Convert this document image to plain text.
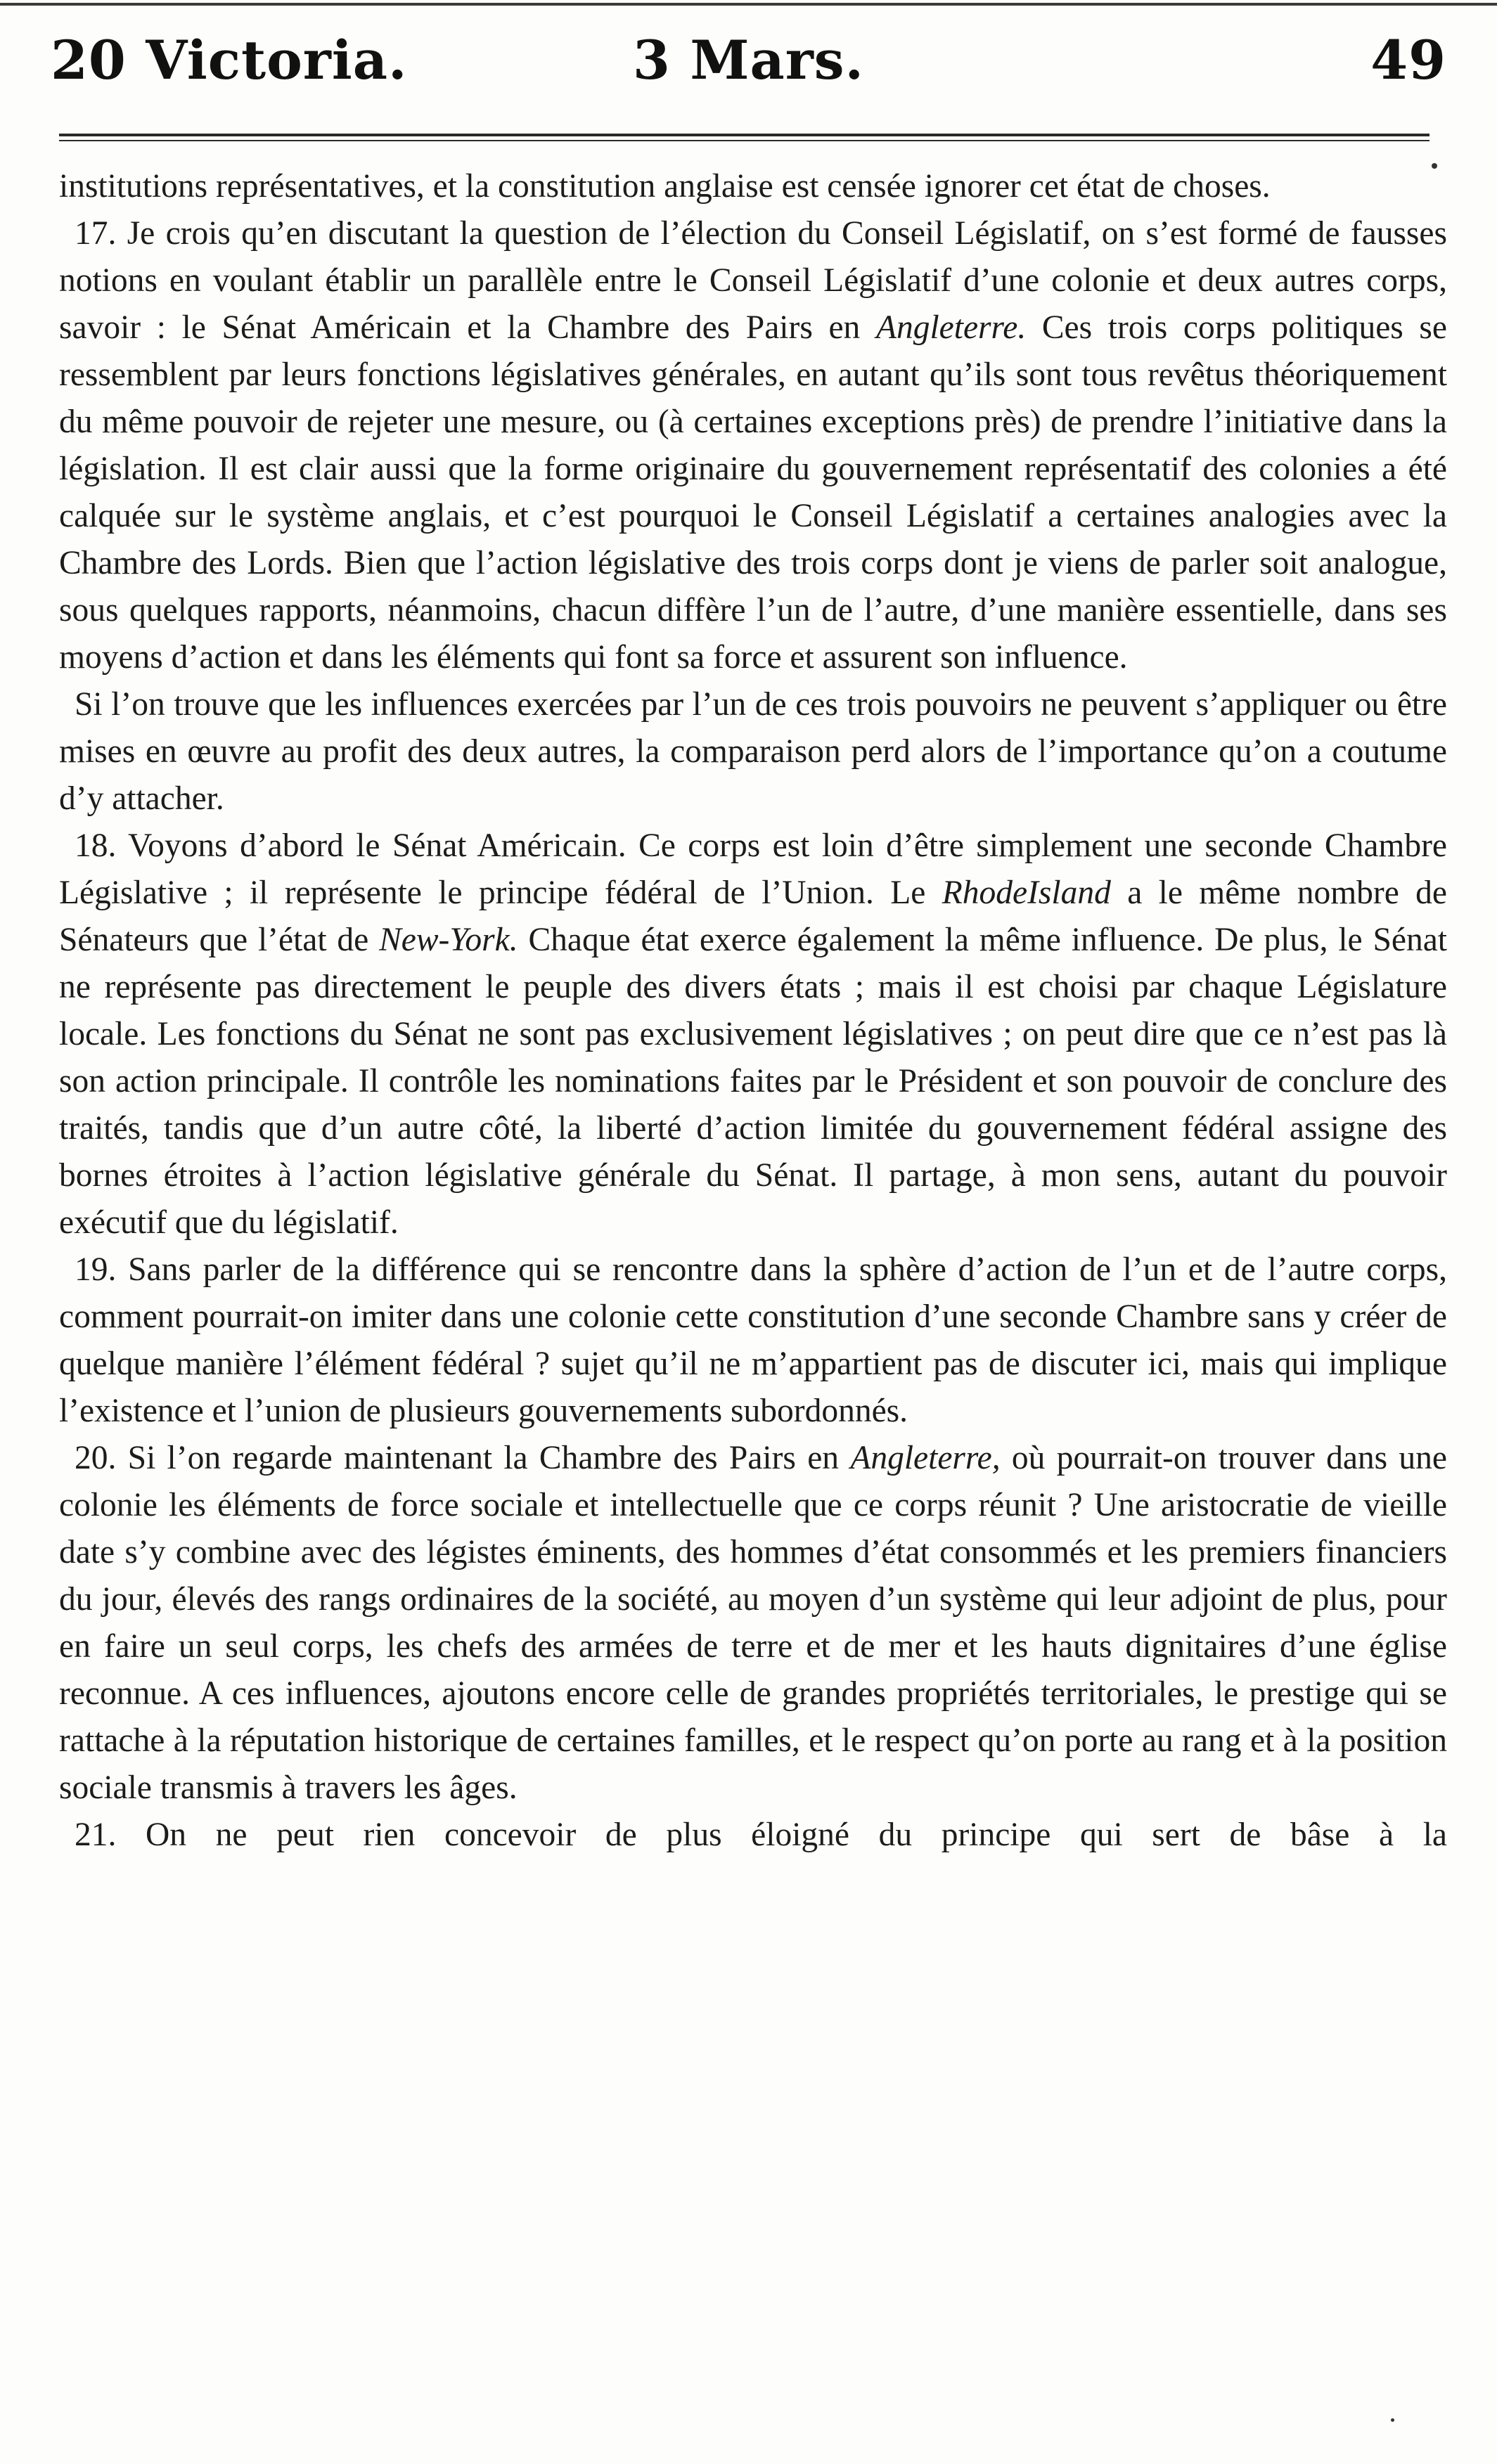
20 Victoria.	3 Mars.	49

institutions représentatives, et la constitution anglaise est censée ignorer cet état de choses.

17. Je crois qu’en discutant la question de l’élection du Conseil Législatif, on s’est formé de fausses notions en voulant établir un parallèle entre le Conseil Législatif d’une colonie et deux autres corps, savoir : le Sénat Américain et la Chambre des Pairs en Angleterre. Ces trois corps politiques se ressemblent par leurs fonctions législatives générales, en autant qu’ils sont tous revêtus théoriquement du même pouvoir de rejeter une mesure, ou (à certaines exceptions près) de prendre l’initiative dans la législation. Il est clair aussi que la forme originaire du gouvernement représentatif des colonies a été calquée sur le système anglais, et c’est pourquoi le Conseil Législatif a certaines analogies avec la Chambre des Lords. Bien que l’action législative des trois corps dont je viens de parler soit analogue, sous quelques rapports, néanmoins, chacun diffère l’un de l’autre, d’une manière essentielle, dans ses moyens d’action et dans les éléments qui font sa force et assurent son influence.

Si l’on trouve que les influences exercées par l’un de ces trois pouvoirs ne peuvent s’appliquer ou être mises en œuvre au profit des deux autres, la comparaison perd alors de l’importance qu’on a coutume d’y attacher.

18. Voyons d’abord le Sénat Américain. Ce corps est loin d’être simplement une seconde Chambre Législative ; il représente le principe fédéral de l’Union. Le RhodeIsland a le même nombre de Sénateurs que l’état de New-York. Chaque état exerce également la même influence. De plus, le Sénat ne représente pas directement le peuple des divers états ; mais il est choisi par chaque Législature locale. Les fonctions du Sénat ne sont pas exclusivement législatives ; on peut dire que ce n’est pas là son action principale. Il contrôle les nominations faites par le Président et son pouvoir de conclure des traités, tandis que d’un autre côté, la liberté d’action limitée du gouvernement fédéral assigne des bornes étroites à l’action législative générale du Sénat. Il partage, à mon sens, autant du pouvoir exécutif que du législatif.

19. Sans parler de la différence qui se rencontre dans la sphère d’action de l’un et de l’autre corps, comment pourrait-on imiter dans une colonie cette constitution d’une seconde Chambre sans y créer de quelque manière l’élément fédéral ? sujet qu’il ne m’appartient pas de discuter ici, mais qui implique l’existence et l’union de plusieurs gouvernements subordonnés.

20. Si l’on regarde maintenant la Chambre des Pairs en Angleterre, où pourrait-on trouver dans une colonie les éléments de force sociale et intellectuelle que ce corps réunit ? Une aristocratie de vieille date s’y combine avec des légistes éminents, des hommes d’état consommés et les premiers financiers du jour, élevés des rangs ordinaires de la société, au moyen d’un système qui leur adjoint de plus, pour en faire un seul corps, les chefs des armées de terre et de mer et les hauts dignitaires d’une église reconnue. A ces influences, ajoutons encore celle de grandes propriétés territoriales, le prestige qui se rattache à la réputation historique de certaines familles, et le respect qu’on porte au rang et à la position sociale transmis à travers les âges.

21. On ne peut rien concevoir de plus éloigné du principe qui sert de bâse à la
